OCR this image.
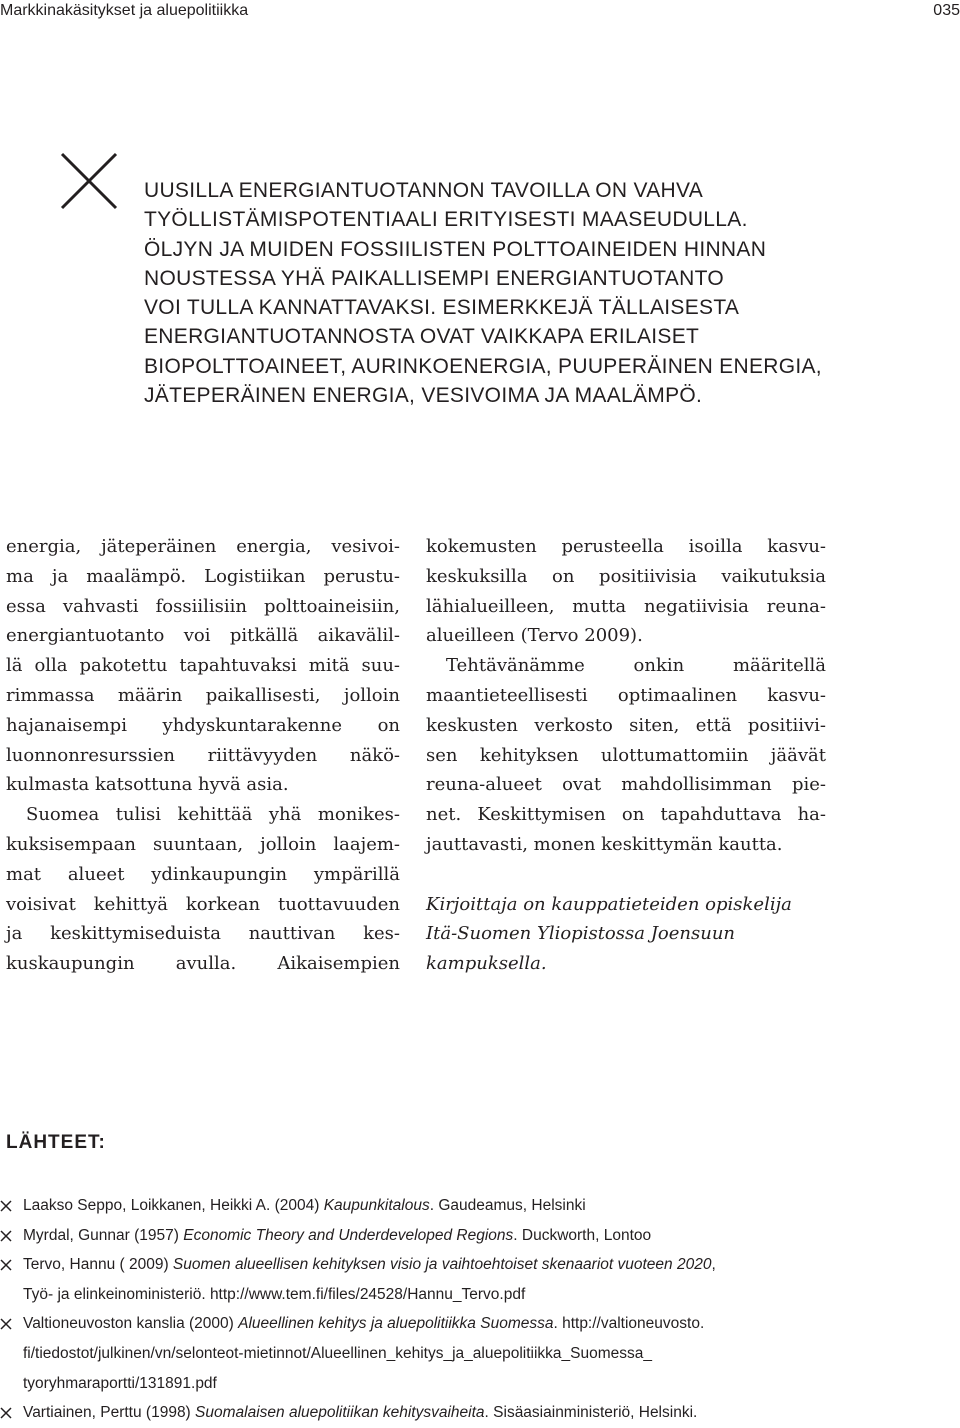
Markkinakäsitykset ja aluepolitiikka	035
UUSILLA ENERGIANTUOTANNON TAVOILLA ON VAHVA
TYÖLLISTÄMISPOTENTIAALI ERITYISESTI MAASEUDULLA.
ÖLJYN JA MUIDEN FOSSIILISTEN POLTTOAINEIDEN HINNAN
NOUSTESSA YHÄ PAIKALLISEMPI ENERGIANTUOTANTO
VOI TULLA KANNATTAVAKSI. ESIMERKKEJÄ TÄLLAISESTA
ENERGIANTUOTANNOSTA OVAT VAIKKAPA ERILAISET
BIOPOLTTOAINEET, AURINKOENERGIA, PUUPERÄINEN ENERGIA,
JÄTEPERÄINEN ENERGIA, VESIVOIMA JA MAALÄMPÖ.
energia, jäteperäinen energia, vesivoi-
ma ja maalämpö. Logistiikan perustu-
essa vahvasti fossiilisiin polttoaineisiin,
energiantuotanto voi pitkällä aikavälil-
lä olla pakotettu tapahtuvaksi mitä suu-
rimmassa määrin paikallisesti, jolloin
hajanaisempi yhdyskuntarakenne on
luonnonresurssien riittävyyden näkö-
kulmasta katsottuna hyvä asia.
Suomea tulisi kehittää yhä monikes-
kuksisempaan suuntaan, jolloin laajem-
mat alueet ydinkaupungin ympärillä
voisivat kehittyä korkean tuottavuuden
ja keskittymiseduista nauttivan kes-
kuskaupungin avulla. Aikaisempien
kokemusten perusteella isoilla kasvu-
keskuksilla on positiivisia vaikutuksia
lähialueilleen, mutta negatiivisia reuna-
alueilleen (Tervo 2009).
Tehtävänämme onkin määritellä
maantieteellisesti optimaalinen kasvu-
keskusten verkosto siten, että positiivi-
sen kehityksen ulottumattomiin jäävät
reuna-alueet ovat mahdollisimman pie-
net. Keskittymisen on tapahduttava ha-
jauttavasti, monen keskittymän kautta.

Kirjoittaja on kauppatieteiden opiskelija
Itä-Suomen Yliopistossa Joensuun
kampuksella.
LÄHTEET:
Laakso Seppo, Loikkanen, Heikki A. (2004) Kaupunkitalous. Gaudeamus, Helsinki
Myrdal, Gunnar (1957) Economic Theory and Underdeveloped Regions. Duckworth, Lontoo
Tervo, Hannu ( 2009) Suomen alueellisen kehityksen visio ja vaihtoehtoiset skenaariot vuoteen 2020,
Työ- ja elinkeinoministeriö. http://www.tem.fi/files/24528/Hannu_Tervo.pdf
Valtioneuvoston kanslia (2000) Alueellinen kehitys ja aluepolitiikka Suomessa. http://valtioneuvosto.
fi/tiedostot/julkinen/vn/selonteot-mietinnot/Alueellinen_kehitys_ja_aluepolitiikka_Suomessa_
tyoryhmaraportti/131891.pdf
Vartiainen, Perttu (1998) Suomalaisen aluepolitiikan kehitysvaiheita. Sisäasiainministeriö, Helsinki.
